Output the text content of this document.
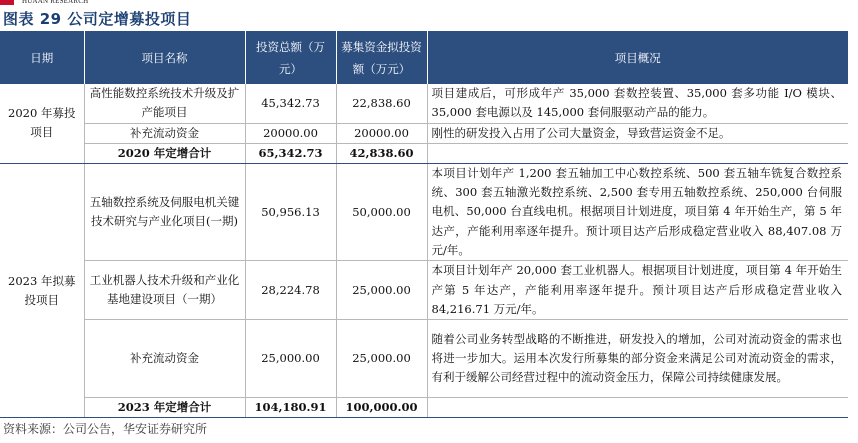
HUAAN RESEARCH
图表 29 公司定增募投项目
日期	项目名称	投资总额（万元）	募集资金拟投资额（万元）	项目概况
2020 年募投项目	高性能数控系统技术升级及扩产能项目	45,342.73	22,838.60	项目建成后，可形成年产 35,000 套数控装置、35,000 套多功能 I/O 模块、35,000 套电源以及 145,000 套伺服驱动产品的能力。
	补充流动资金	20000.00	20000.00	刚性的研发投入占用了公司大量资金，导致营运资金不足。
	2020 年定增合计	65,342.73	42,838.60	
2023 年拟募投项目	五轴数控系统及伺服电机关键技术研究与产业化项目(一期)	50,956.13	50,000.00	本项目计划年产 1,200 套五轴加工中心数控系统、500 套五轴车铣复合数控系统、300 套五轴激光数控系统、2,500 套专用五轴数控系统、250,000 台伺服电机、50,000 台直线电机。根据项目计划进度，项目第 4 年开始生产，第 5 年达产，产能利用率逐年提升。预计项目达产后形成稳定营业收入 88,407.08 万元/年。
	工业机器人技术升级和产业化基地建设项目（一期）	28,224.78	25,000.00	本项目计划年产 20,000 套工业机器人。根据项目计划进度，项目第 4 年开始生产第 5 年达产，产能利用率逐年提升。预计项目达产后形成稳定营业收入 84,216.71 万元/年。
	补充流动资金	25,000.00	25,000.00	随着公司业务转型战略的不断推进，研发投入的增加，公司对流动资金的需求也将进一步加大。运用本次发行所募集的部分资金来满足公司对流动资金的需求，有利于缓解公司经营过程中的流动资金压力，保障公司持续健康发展。
	2023 年定增合计	104,180.91	100,000.00	
资料来源：公司公告，华安证券研究所
